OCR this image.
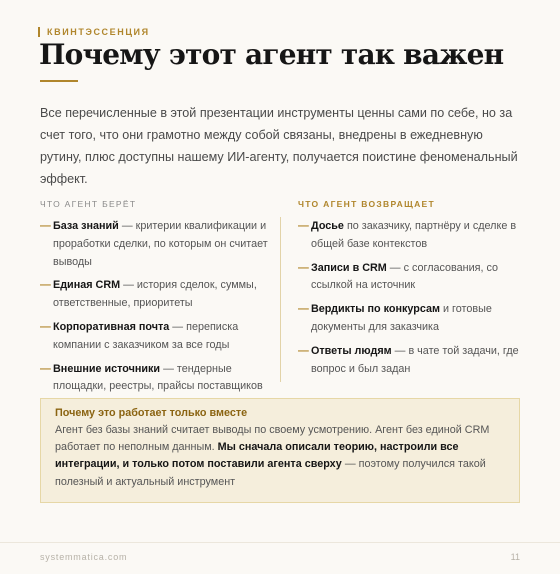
КВИНТЭССЕНЦИЯ
Почему этот агент так важен

Все перечисленные в этой презентации инструменты ценны сами по себе, но за счет того, что они грамотно между собой связаны, внедрены в ежедневную рутину, плюс доступны нашему ИИ-агенту, получается поистине феноменальный эффект.

ЧТО АГЕНТ БЕРЁТ
— База знаний — критерии квалификации и проработки сделки, по которым он считает выводы
— Единая CRM — история сделок, суммы, ответственные, приоритеты
— Корпоративная почта — переписка компании с заказчиком за все годы
— Внешние источники — тендерные площадки, реестры, прайсы поставщиков
ЧТО АГЕНТ ВОЗВРАЩАЕТ
— Досье по заказчику, партнёру и сделке в общей базе контекстов
— Записи в CRM — с согласования, со ссылкой на источник
— Вердикты по конкурсам и готовые документы для заказчика
— Ответы людям — в чате той задачи, где вопрос и был задан
Почему это работает только вместе
Агент без базы знаний считает выводы по своему усмотрению. Агент без единой CRM работает по неполным данным. Мы сначала описали теорию, настроили все интеграции, и только потом поставили агента сверху — поэтому получился такой полезный и актуальный инструмент
systemmatica.com	11
